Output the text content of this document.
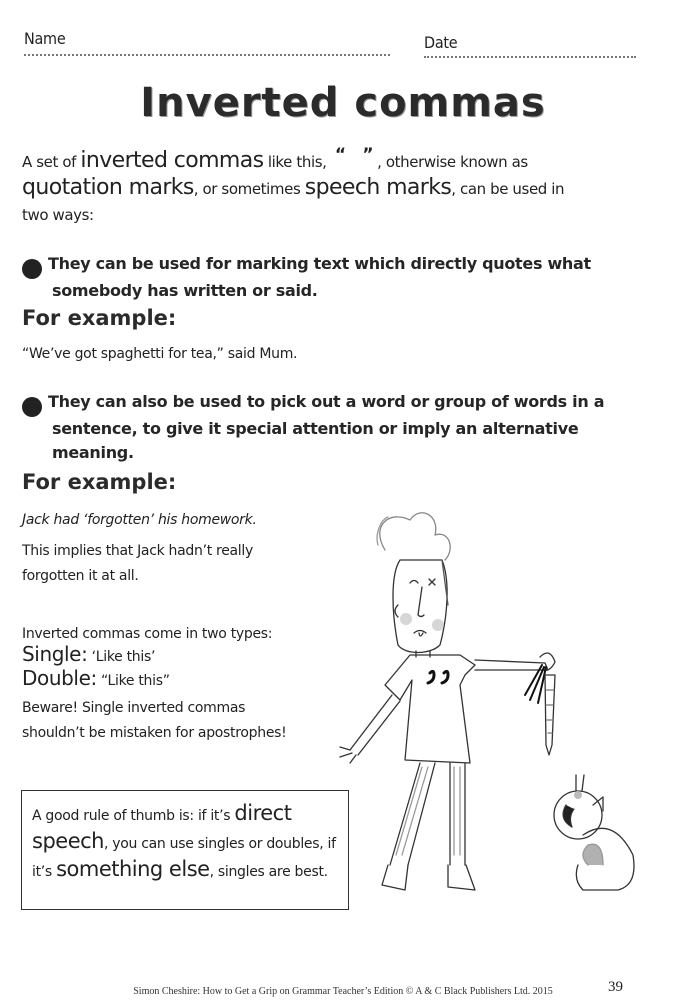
Name	Date
Inverted commas
A set of inverted commas like this, “ ” , otherwise known as
quotation marks, or sometimes speech marks, can be used in
two ways:
1 They can be used for marking text which directly quotes what somebody has written or said.
For example:
“We’ve got spaghetti for tea,” said Mum.
2 They can also be used to pick out a word or group of words in a sentence, to give it special attention or imply an alternative meaning.
For example:
Jack had ‘forgotten’ his homework.
This implies that Jack hadn’t really
forgotten it at all.
Inverted commas come in two types:
Single: ‘Like this’
Double: “Like this”
Beware! Single inverted commas
shouldn’t be mistaken for apostrophes!
A good rule of thumb is: if it’s direct speech, you can use singles or doubles, if it’s something else, singles are best.
Simon Cheshire: How to Get a Grip on Grammar Teacher’s Edition © A & C Black Publishers Ltd. 2015	39
